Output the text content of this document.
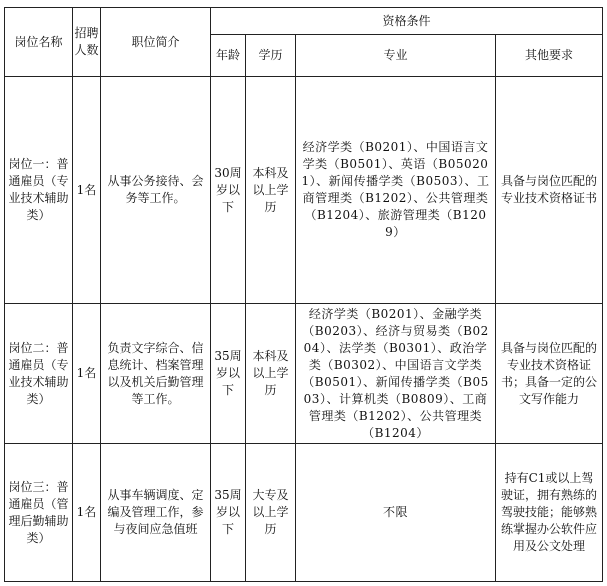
岗位名称	招聘人数	职位简介	资格条件			
			年龄	学历	专业	其他要求
岗位一：普通雇员（专业技术辅助类）	1名	从事公务接待、会务等工作。	30周岁以下	本科及以上学历	经济学类（B0201）、中国语言文学类（B0501）、英语（B050201）、新闻传播学类（B0503）、工商管理类（B1202）、公共管理类（B1204）、旅游管理类（B1209）	具备与岗位匹配的专业技术资格证书
岗位二：普通雇员（专业技术辅助类）	1名	负责文字综合、信息统计、档案管理以及机关后勤管理等工作。	35周岁以下	本科及以上学历	经济学类（B0201）、金融学类（B0203）、经济与贸易类（B0204）、法学类（B0301）、政治学类（B0302）、中国语言文学类（B0501）、新闻传播学类（B0503）、计算机类（B0809）、工商管理类（B1202）、公共管理类（B1204）	具备与岗位匹配的专业技术资格证书；具备一定的公文写作能力
岗位三：普通雇员（管理后勤辅助类）	1名	从事车辆调度、定编及管理工作，参与夜间应急值班	35周岁以下	大专及以上学历	不限	持有C1或以上驾驶证，拥有熟练的驾驶技能；能够熟练掌握办公软件应用及公文处理
